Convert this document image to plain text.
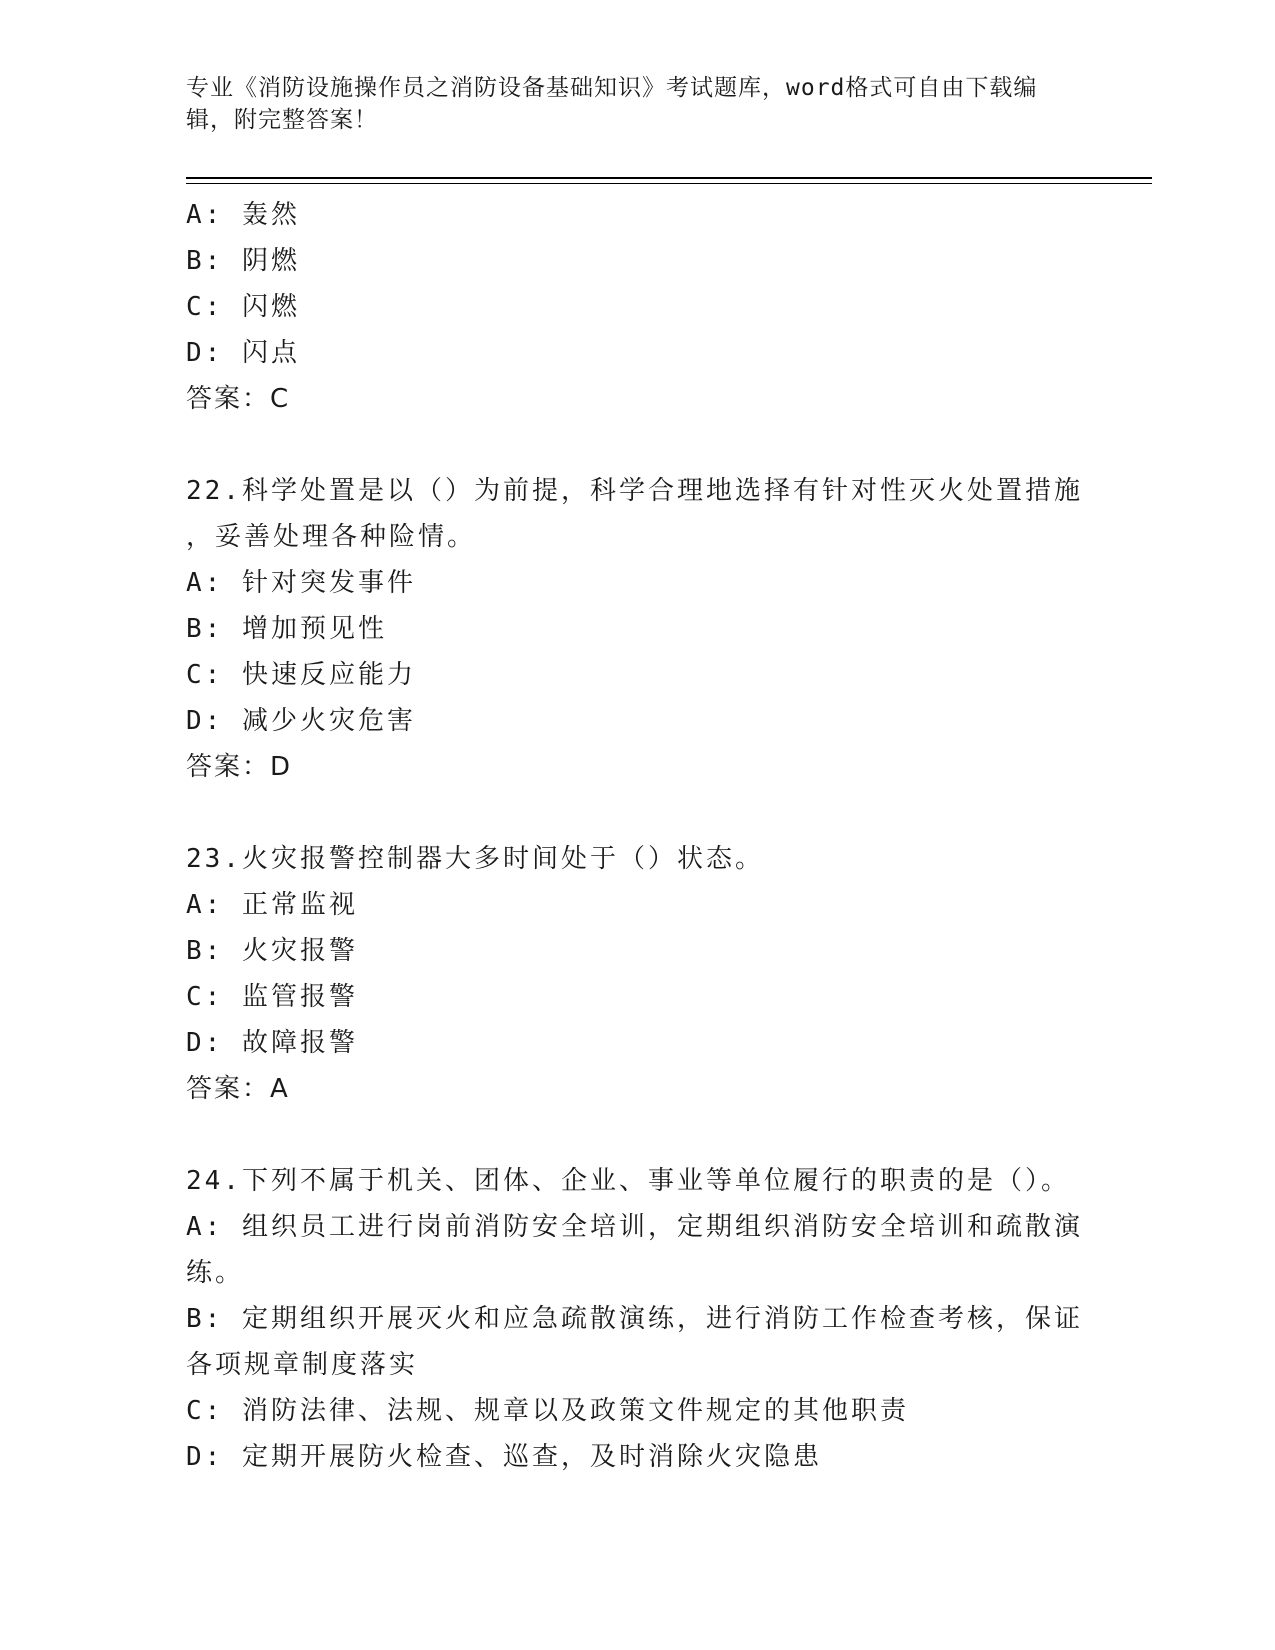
专业《消防设施操作员之消防设备基础知识》考试题库，word格式可自由下载编
辑，附完整答案！
A: 轰然
B: 阴燃
C: 闪燃
D: 闪点
答案：C
22.科学处置是以（）为前提，科学合理地选择有针对性灭火处置措施
，妥善处理各种险情。
A: 针对突发事件
B: 增加预见性
C: 快速反应能力
D: 减少火灾危害
答案：D
23.火灾报警控制器大多时间处于（）状态。
A: 正常监视
B: 火灾报警
C: 监管报警
D: 故障报警
答案：A
24.下列不属于机关、团体、企业、事业等单位履行的职责的是（）。
A: 组织员工进行岗前消防安全培训，定期组织消防安全培训和疏散演
练。
B: 定期组织开展灭火和应急疏散演练，进行消防工作检查考核，保证
各项规章制度落实
C: 消防法律、法规、规章以及政策文件规定的其他职责
D: 定期开展防火检查、巡查，及时消除火灾隐患
